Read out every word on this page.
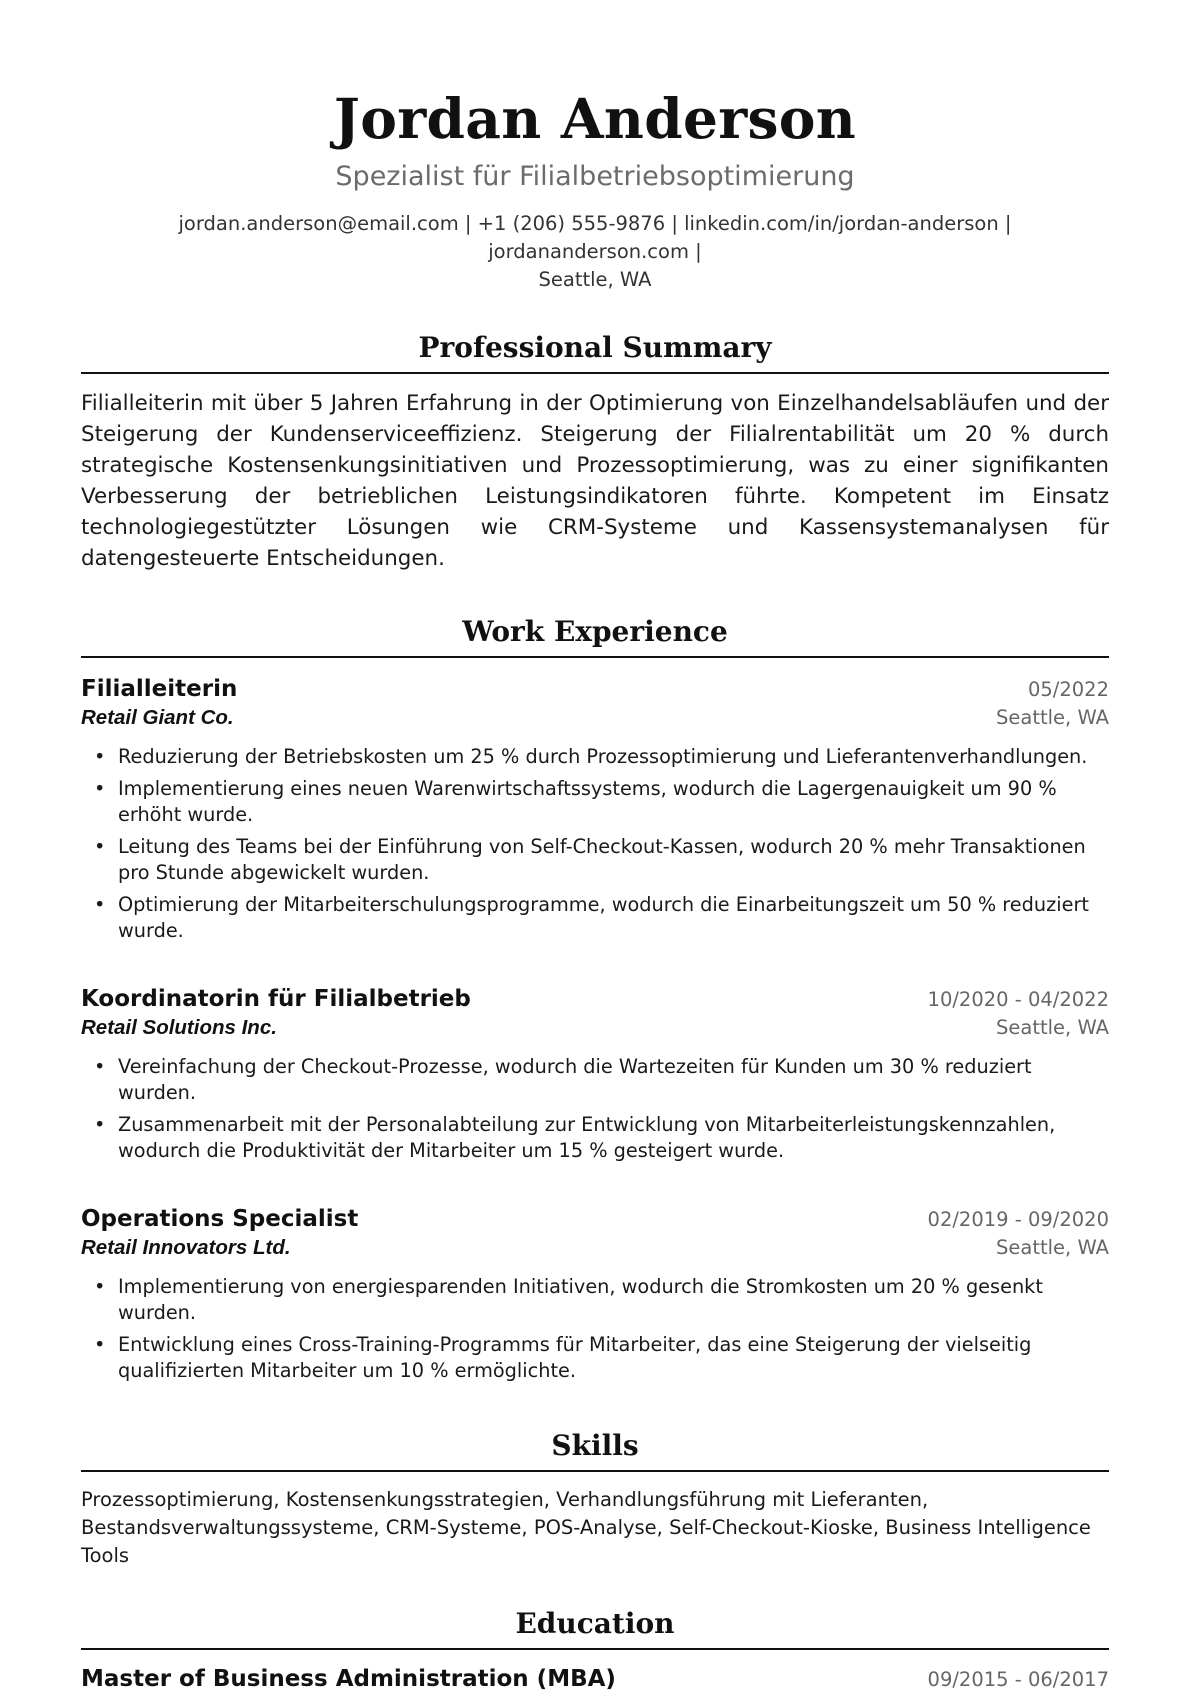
Jordan Anderson
Spezialist für Filialbetriebsoptimierung
jordan.anderson@email.com | +1 (206) 555-9876 | linkedin.com/in/jordan-anderson | jordananderson.com |
Seattle, WA
Professional Summary
Filialleiterin mit über 5 Jahren Erfahrung in der Optimierung von Einzelhandelsabläufen und der Steigerung der Kundenserviceeffizienz. Steigerung der Filialrentabilität um 20 % durch strategische Kostensenkungsinitiativen und Prozessoptimierung, was zu einer signifikanten Verbesserung der betrieblichen Leistungsindikatoren führte. Kompetent im Einsatz technologiegestützter Lösungen wie CRM-Systeme und Kassensystemanalysen für datengesteuerte Entscheidungen.
Work Experience
Filialleiterin	05/2022
Retail Giant Co.	Seattle, WA
• Reduzierung der Betriebskosten um 25 % durch Prozessoptimierung und Lieferantenverhandlungen.
• Implementierung eines neuen Warenwirtschaftssystems, wodurch die Lagergenauigkeit um 90 % erhöht wurde.
• Leitung des Teams bei der Einführung von Self-Checkout-Kassen, wodurch 20 % mehr Transaktionen pro Stunde abgewickelt wurden.
• Optimierung der Mitarbeiterschulungsprogramme, wodurch die Einarbeitungszeit um 50 % reduziert wurde.
Koordinatorin für Filialbetrieb	10/2020 - 04/2022
Retail Solutions Inc.	Seattle, WA
• Vereinfachung der Checkout-Prozesse, wodurch die Wartezeiten für Kunden um 30 % reduziert wurden.
• Zusammenarbeit mit der Personalabteilung zur Entwicklung von Mitarbeiterleistungskennzahlen, wodurch die Produktivität der Mitarbeiter um 15 % gesteigert wurde.
Operations Specialist	02/2019 - 09/2020
Retail Innovators Ltd.	Seattle, WA
• Implementierung von energiesparenden Initiativen, wodurch die Stromkosten um 20 % gesenkt wurden.
• Entwicklung eines Cross-Training-Programms für Mitarbeiter, das eine Steigerung der vielseitig qualifizierten Mitarbeiter um 10 % ermöglichte.
Skills
Prozessoptimierung, Kostensenkungsstrategien, Verhandlungsführung mit Lieferanten,
Bestandsverwaltungssysteme, CRM-Systeme, POS-Analyse, Self-Checkout-Kioske, Business Intelligence Tools
Education
Master of Business Administration (MBA)	09/2015 - 06/2017
